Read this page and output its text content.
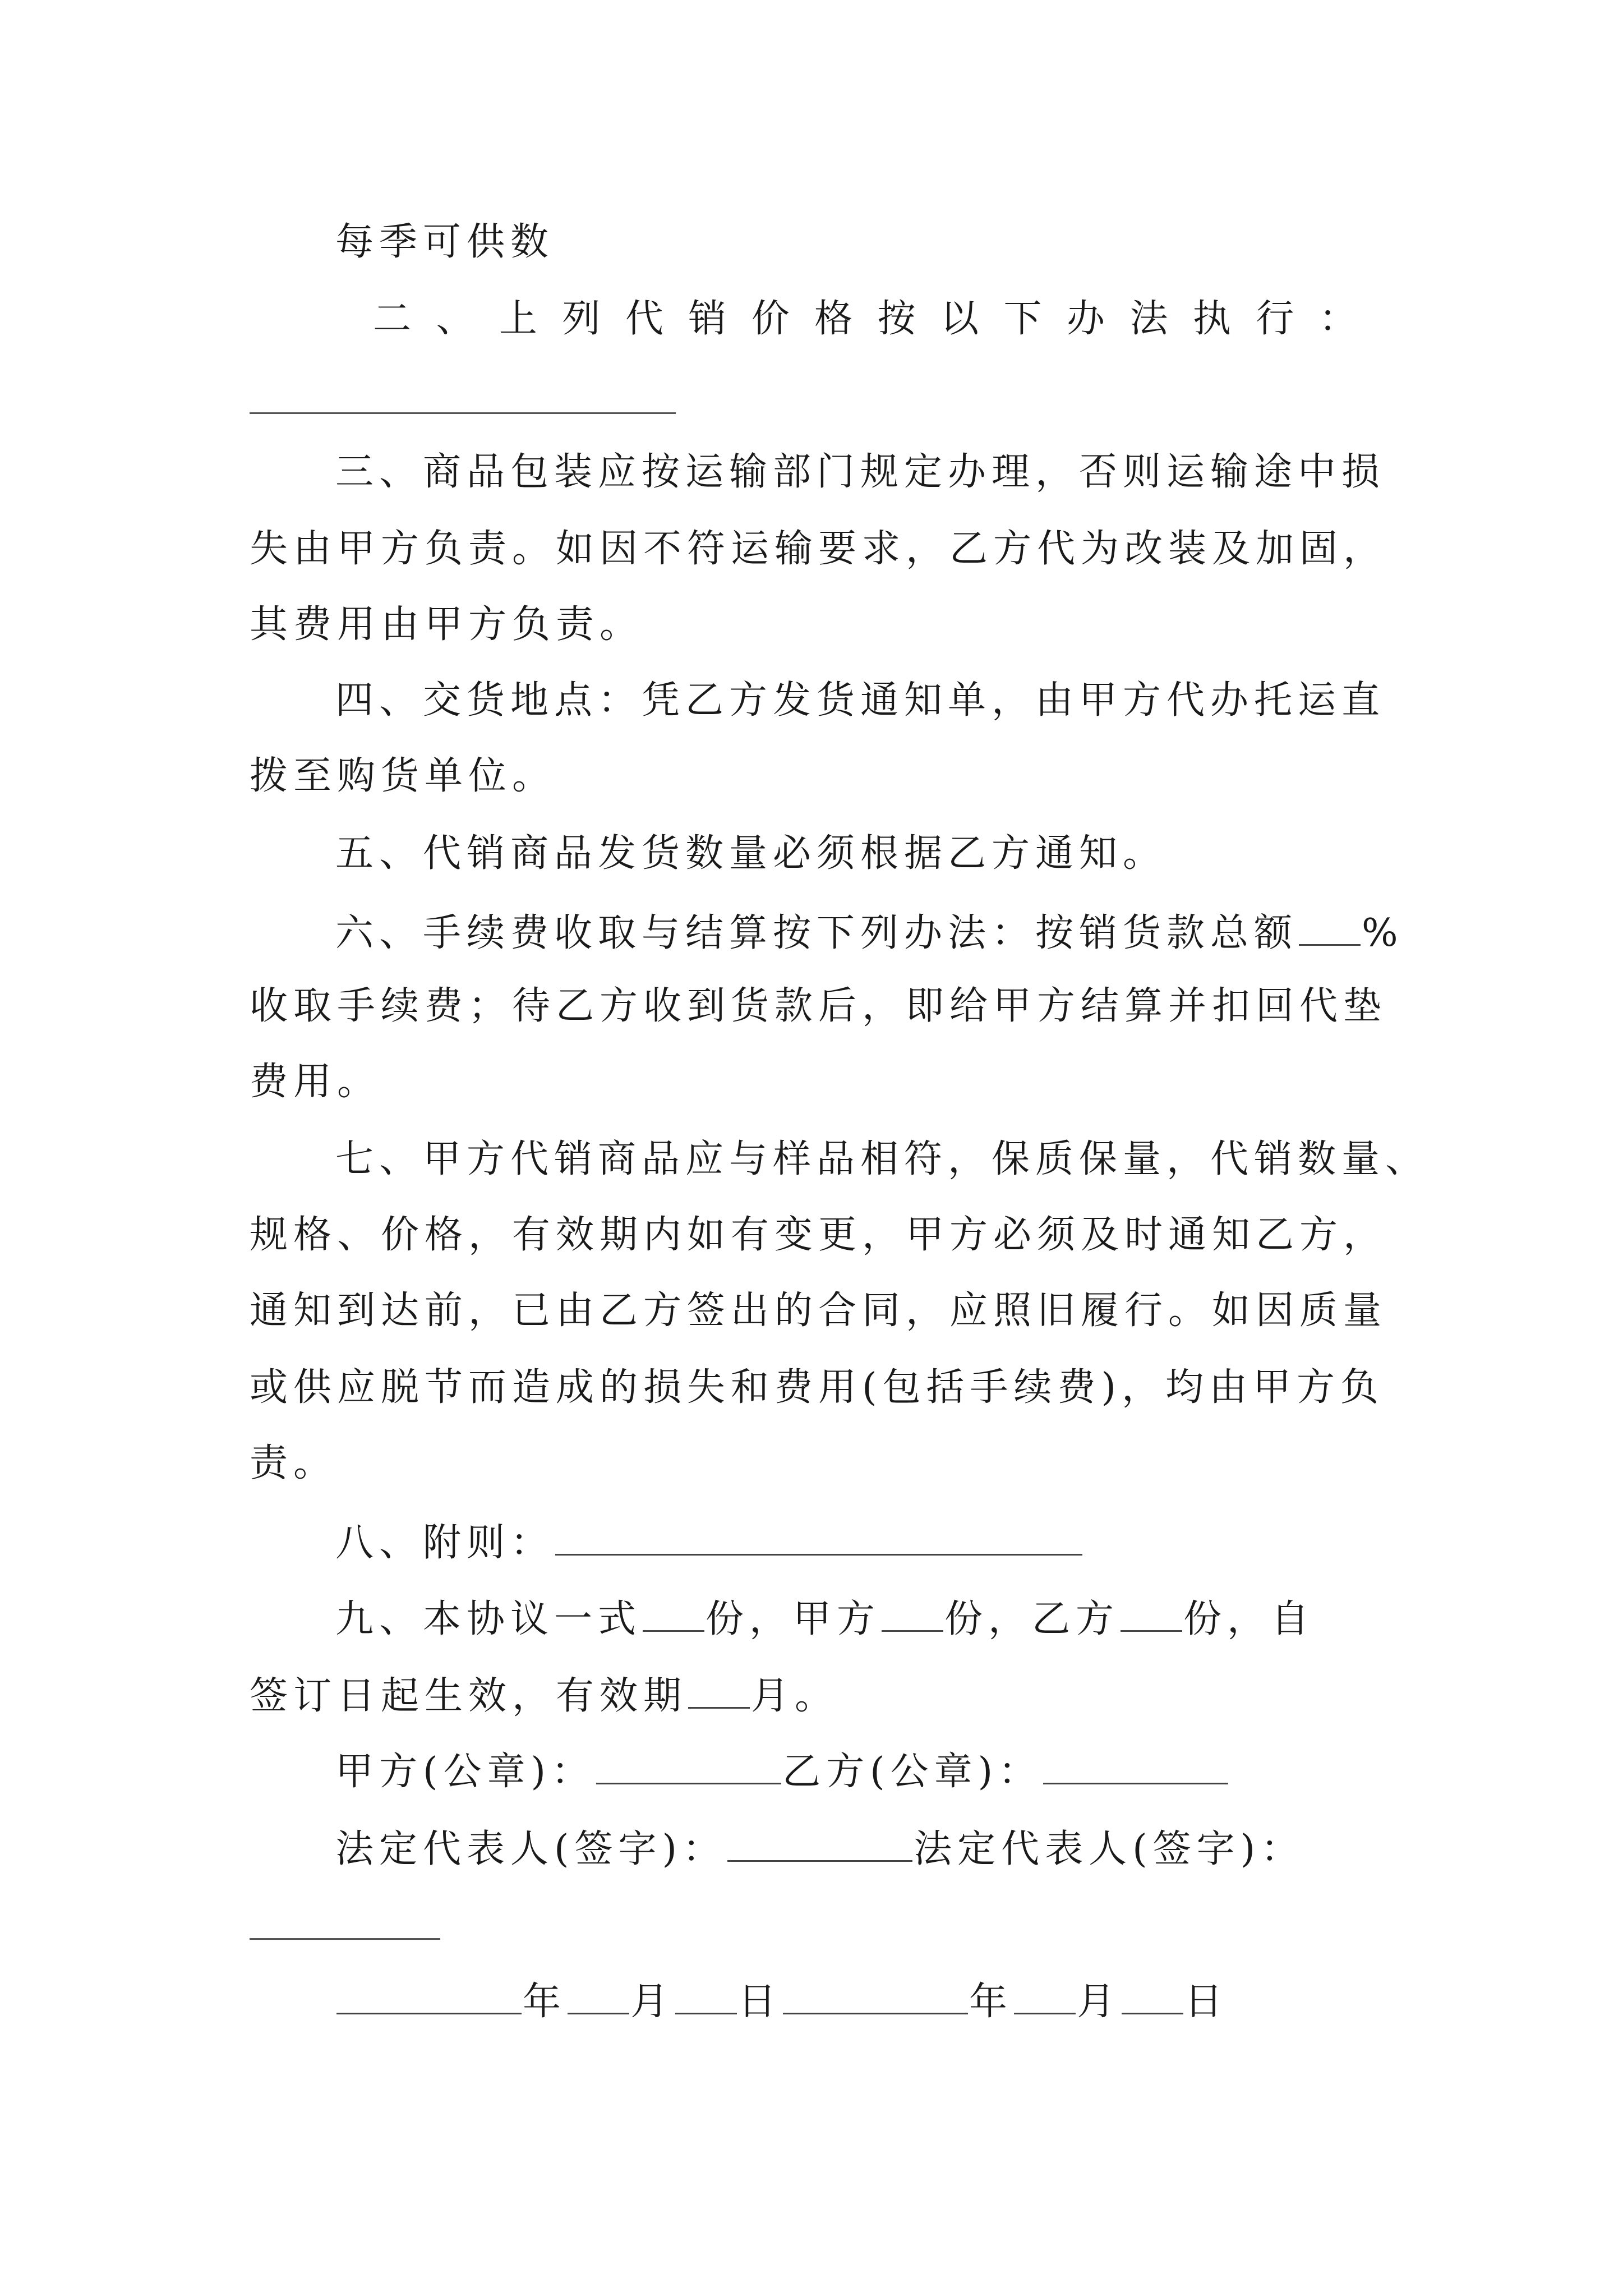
每季可供数
二 、 上 列 代 销 价 格 按 以 下 办 法 执 行 ：
三、商品包装应按运输部门规定办理，否则运输途中损
失由甲方负责。如因不符运输要求，乙方代为改装及加固，
其费用由甲方负责。
四、交货地点：凭乙方发货通知单，由甲方代办托运直
拨至购货单位。
五、代销商品发货数量必须根据乙方通知。
六、手续费收取与结算按下列办法：按销货款总额 %
收取手续费；待乙方收到货款后，即给甲方结算并扣回代垫
费用。
七、甲方代销商品应与样品相符，保质保量，代销数量、
规格、价格，有效期内如有变更，甲方必须及时通知乙方，
通知到达前，已由乙方签出的合同，应照旧履行。如因质量
或供应脱节而造成的损失和费用(包括手续费)，均由甲方负
责。
八、附则：
九、本协议一式 份，甲方 份，乙方 份，自
签订日起生效，有效期 月。
甲方(公章)：	乙方(公章)：
法定代表人(签字)：	法定代表人(签字)：
年 月 日	年 月 日
